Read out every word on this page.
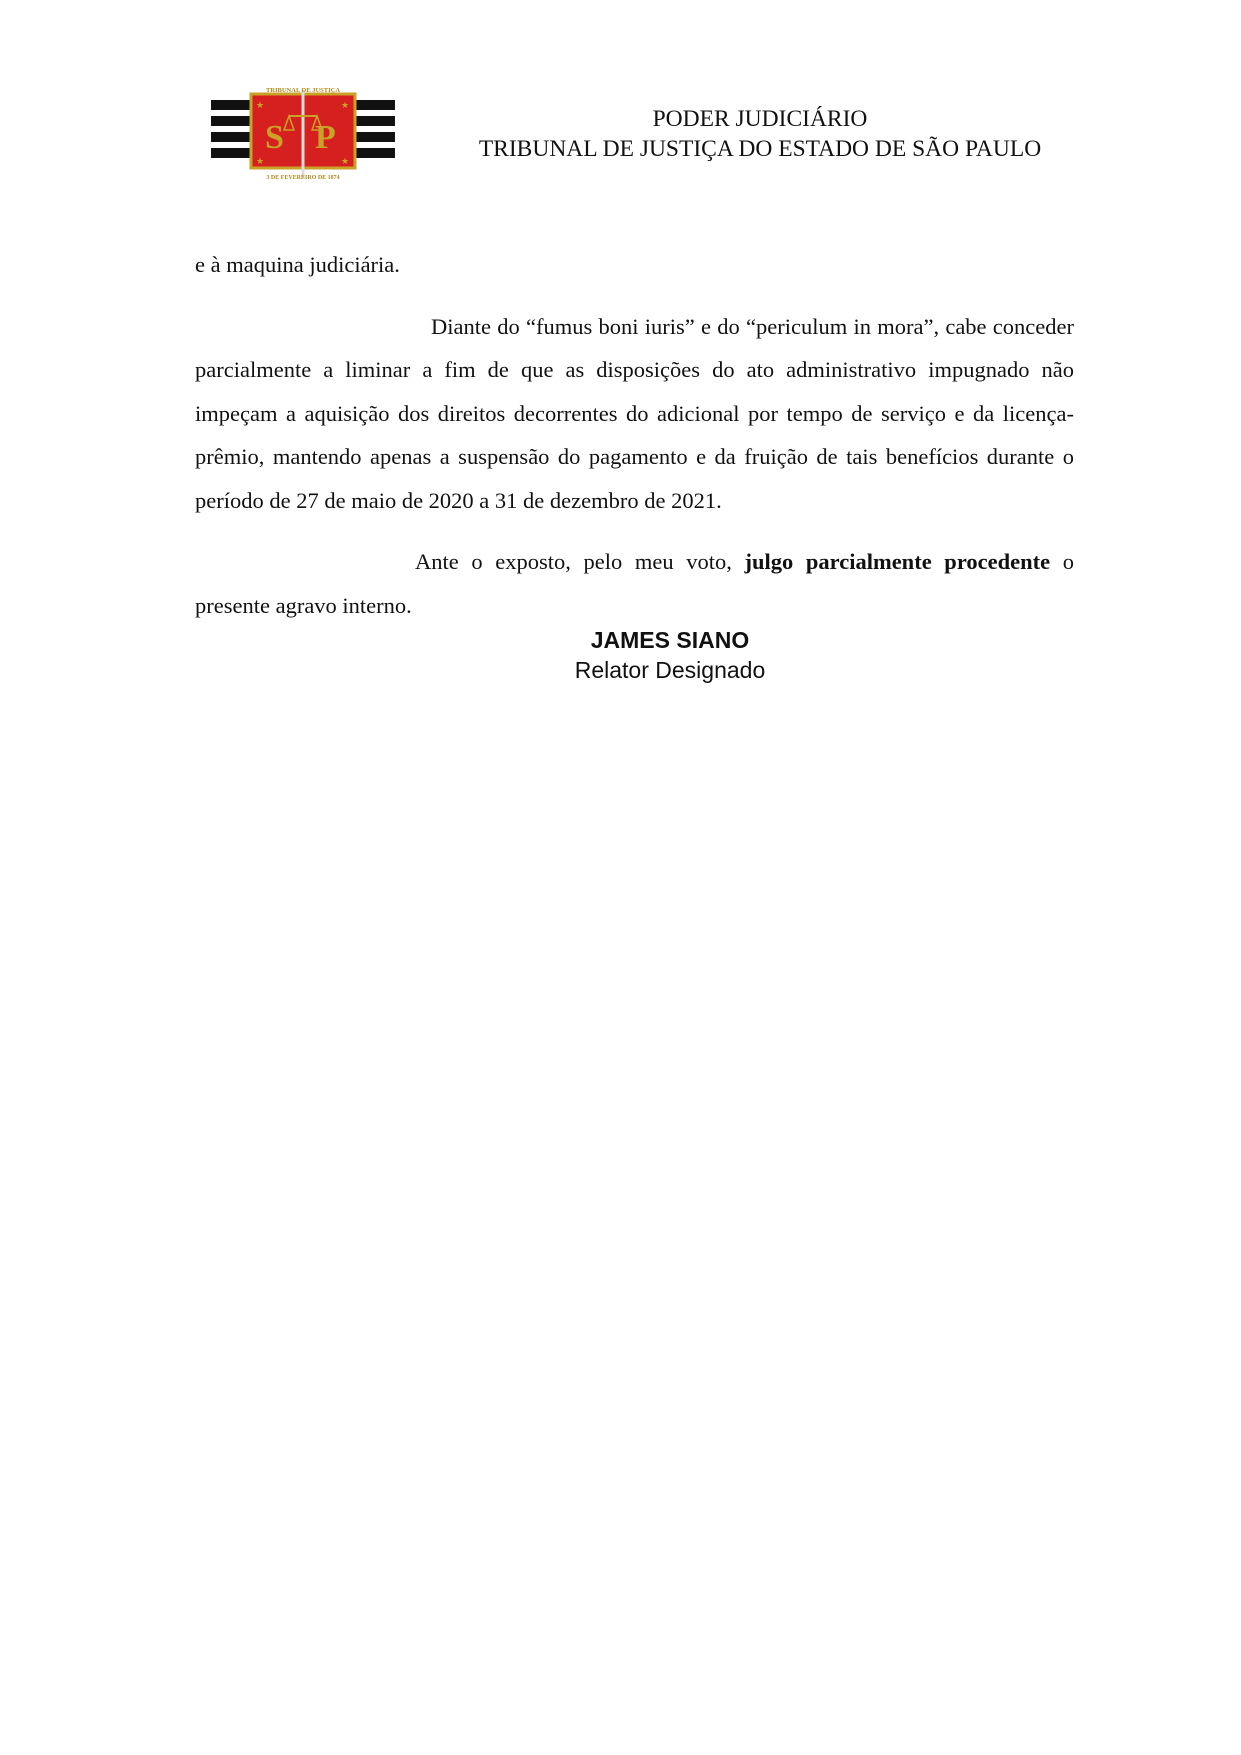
★	★
★	★
S P
TRIBUNAL DE JUSTIÇA
3 DE FEVEREIRO DE 1874
PODER JUDICIÁRIO
TRIBUNAL DE JUSTIÇA DO ESTADO DE SÃO PAULO

e à maquina judiciária.

Diante do “fumus boni iuris” e do “periculum in mora”, cabe conceder parcialmente a liminar a fim de que as disposições do ato administrativo impugnado não impeçam a aquisição dos direitos decorrentes do adicional por tempo de serviço e da licença-prêmio, mantendo apenas a suspensão do pagamento e da fruição de tais benefícios durante o período de 27 de maio de 2020 a 31 de dezembro de 2021.

Ante o exposto, pelo meu voto, julgo parcialmente procedente o presente agravo interno.

JAMES SIANO
Relator Designado
